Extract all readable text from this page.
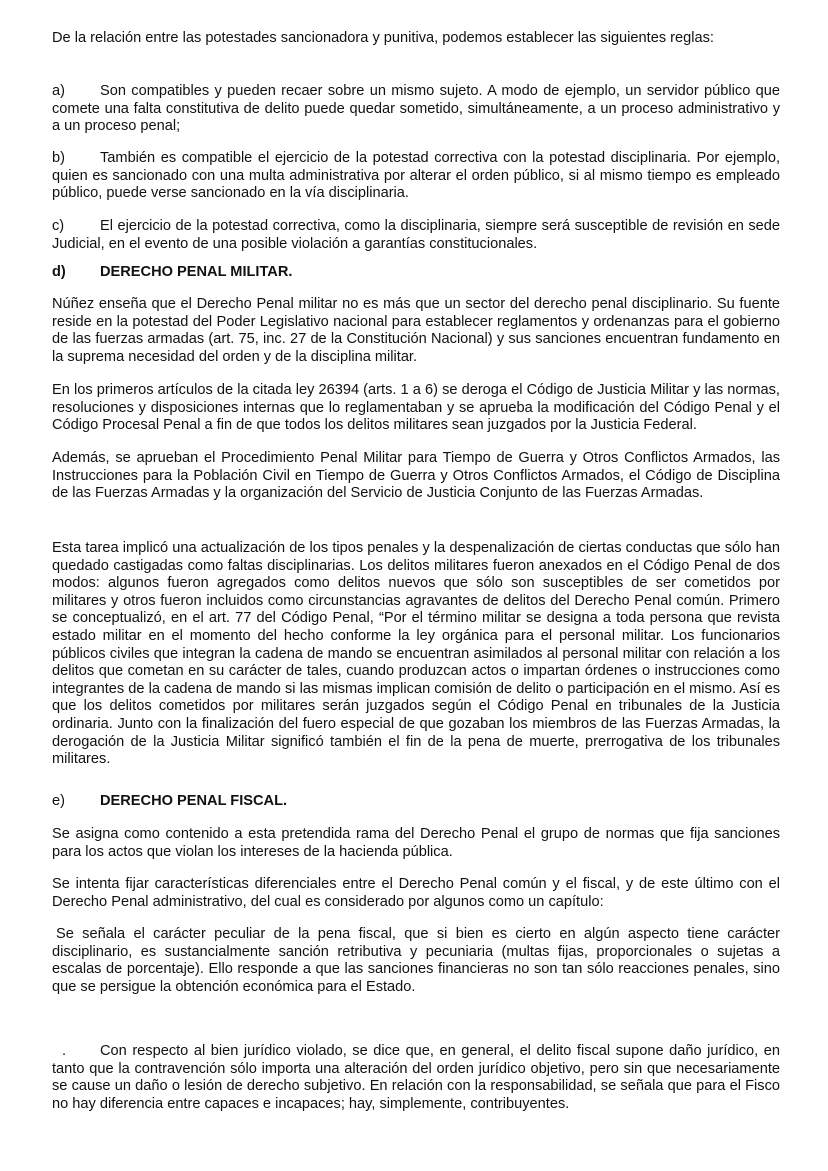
De la relación entre las potestades sancionadora y punitiva, podemos establecer las siguientes reglas:

a) Son compatibles y pueden recaer sobre un mismo sujeto. A modo de ejemplo, un servidor público que comete una falta constitutiva de delito puede quedar sometido, simultáneamente, a un proceso administrativo y a un proceso penal;

b) También es compatible el ejercicio de la potestad correctiva con la potestad disciplinaria. Por ejemplo, quien es sancionado con una multa administrativa por alterar el orden público, si al mismo tiempo es empleado público, puede verse sancionado en la vía disciplinaria.

c) El ejercicio de la potestad correctiva, como la disciplinaria, siempre será susceptible de revisión en sede Judicial, en el evento de una posible violación a garantías constitucionales.

d) DERECHO PENAL MILITAR.

Núñez enseña que el Derecho Penal militar no es más que un sector del derecho penal disciplinario. Su fuente reside en la potestad del Poder Legislativo nacional para establecer reglamentos y ordenanzas para el gobierno de las fuerzas armadas (art. 75, inc. 27 de la Constitución Nacional) y sus sanciones encuentran fundamento en la suprema necesidad del orden y de la disciplina militar.

En los primeros artículos de la citada ley 26394 (arts. 1 a 6) se deroga el Código de Justicia Militar y las normas, resoluciones y disposiciones internas que lo reglamentaban y se aprueba la modificación del Código Penal y el Código Procesal Penal a fin de que todos los delitos militares sean juzgados por la Justicia Federal.

Además, se aprueban el Procedimiento Penal Militar para Tiempo de Guerra y Otros Conflictos Armados, las Instrucciones para la Población Civil en Tiempo de Guerra y Otros Conflictos Armados, el Código de Disciplina de las Fuerzas Armadas y la organización del Servicio de Justicia Conjunto de las Fuerzas Armadas.

Esta tarea implicó una actualización de los tipos penales y la despenalización de ciertas conductas que sólo han quedado castigadas como faltas disciplinarias. Los delitos militares fueron anexados en el Código Penal de dos modos: algunos fueron agregados como delitos nuevos que sólo son susceptibles de ser cometidos por militares y otros fueron incluidos como circunstancias agravantes de delitos del Derecho Penal común. Primero se conceptualizó, en el art. 77 del Código Penal, “Por el término militar se designa a toda persona que revista estado militar en el momento del hecho conforme la ley orgánica para el personal militar. Los funcionarios públicos civiles que integran la cadena de mando se encuentran asimilados al personal militar con relación a los delitos que cometan en su carácter de tales, cuando produzcan actos o impartan órdenes o instrucciones como integrantes de la cadena de mando si las mismas implican comisión de delito o participación en el mismo. Así es que los delitos cometidos por militares serán juzgados según el Código Penal en tribunales de la Justicia ordinaria. Junto con la finalización del fuero especial de que gozaban los miembros de las Fuerzas Armadas, la derogación de la Justicia Militar significó también el fin de la pena de muerte, prerrogativa de los tribunales militares.

e) DERECHO PENAL FISCAL.

Se asigna como contenido a esta pretendida rama del Derecho Penal el grupo de normas que fija sanciones para los actos que violan los intereses de la hacienda pública.

Se intenta fijar características diferenciales entre el Derecho Penal común y el fiscal, y de este último con el Derecho Penal administrativo, del cual es considerado por algunos como un capítulo:

Se señala el carácter peculiar de la pena fiscal, que si bien es cierto en algún aspecto tiene carácter disciplinario, es sustancialmente sanción retributiva y pecuniaria (multas fijas, proporcionales o sujetas a escalas de porcentaje). Ello responde a que las sanciones financieras no son tan sólo reacciones penales, sino que se persigue la obtención económica para el Estado.

. Con respecto al bien jurídico violado, se dice que, en general, el delito fiscal supone daño jurídico, en tanto que la contravención sólo importa una alteración del orden jurídico objetivo, pero sin que necesariamente se cause un daño o lesión de derecho subjetivo. En relación con la responsabilidad, se señala que para el Fisco no hay diferencia entre capaces e incapaces; hay, simplemente, contribuyentes.
